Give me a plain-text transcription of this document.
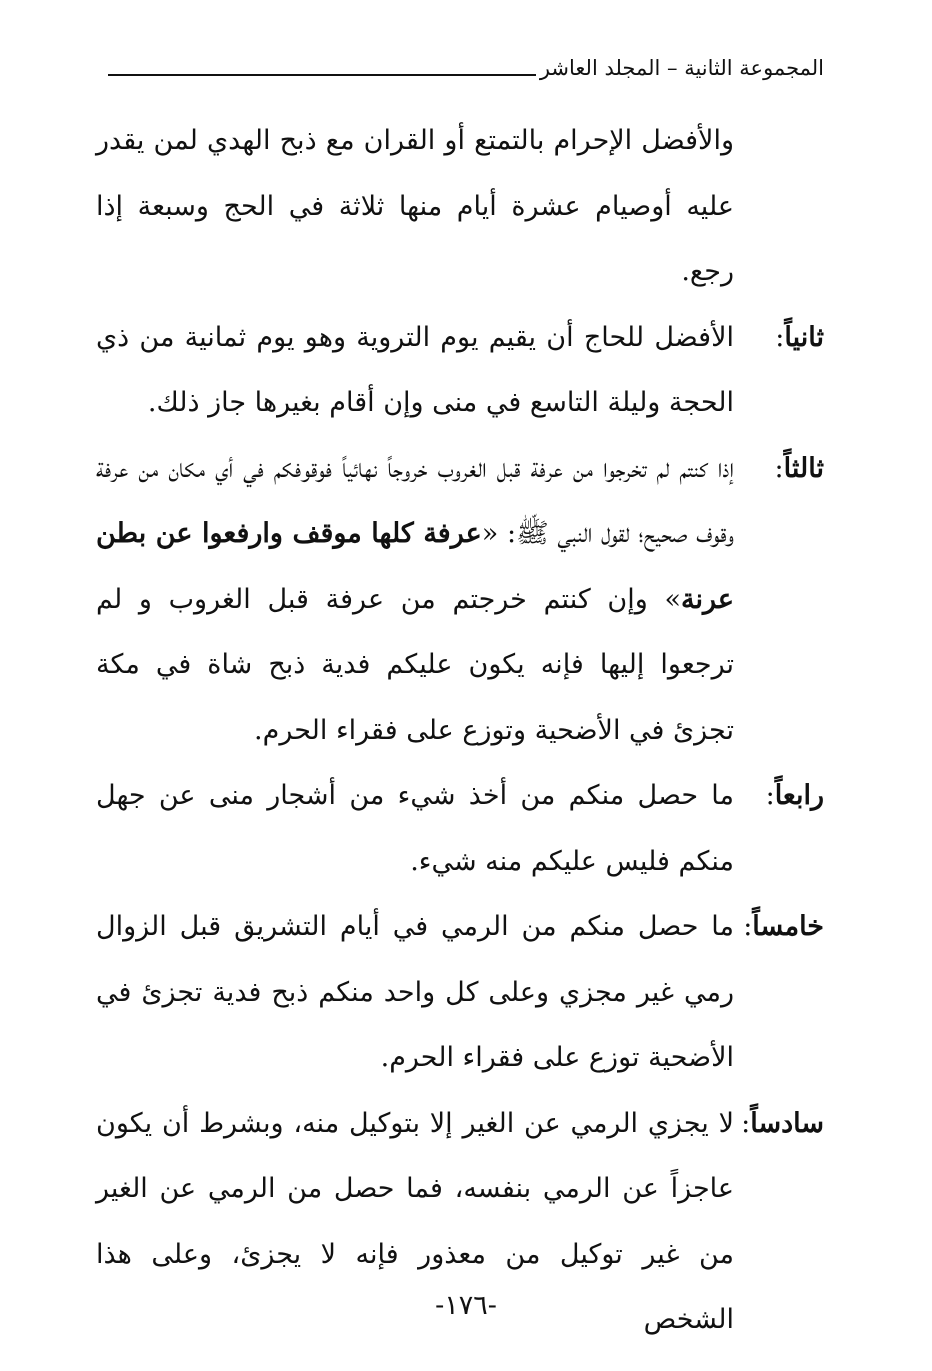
المجموعة الثانية – المجلد العاشر
والأفضل الإحرام بالتمتع أو القران مع ذبح الهدي لمن يقدر عليه أوصيام عشرة أيام منها ثلاثة في الحج وسبعة إذا رجع.
ثانياً:
الأفضل للحاج أن يقيم يوم التروية وهو يوم ثمانية من ذي الحجة وليلة التاسع في منى وإن أقام بغيرها جاز ذلك.
ثالثاً:
إذا كنتم لم تخرجوا من عرفة قبل الغروب خروجاً نهائياً فوقوفكم في أي مكان من عرفة وقوف صحيح؛ لقول النبي ﷺ: «عرفة كلها موقف وارفعوا عن بطن عرنة» وإن كنتم خرجتم من عرفة قبل الغروب و لم ترجعوا إليها فإنه يكون عليكم فدية ذبح شاة في مكة تجزئ في الأضحية وتوزع على فقراء الحرم.
رابعاً:
ما حصل منكم من أخذ شيء من أشجار منى عن جهل منكم فليس عليكم منه شيء.
خامساً:
ما حصل منكم من الرمي في أيام التشريق قبل الزوال رمي غير مجزي وعلى كل واحد منكم ذبح فدية تجزئ في الأضحية توزع على فقراء الحرم.
سادساً:
لا يجزي الرمي عن الغير إلا بتوكيل منه، وبشرط أن يكون عاجزاً عن الرمي بنفسه، فما حصل من الرمي عن الغير من غير توكيل من معذور فإنه لا يجزئ، وعلى هذا الشخص
-١٧٦-
